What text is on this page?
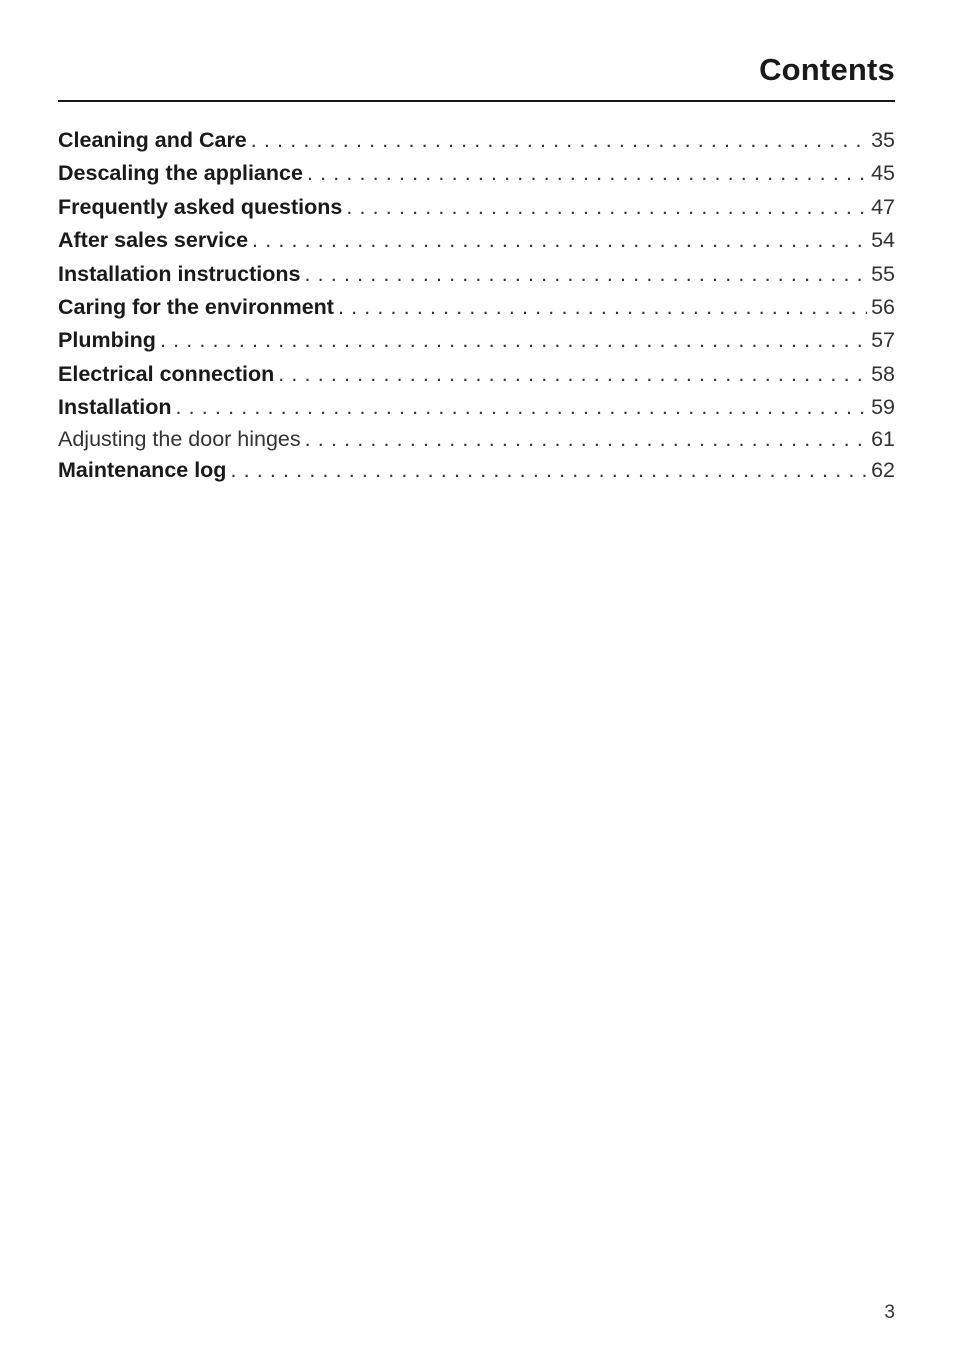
Contents
Cleaning and Care . . .	35
Descaling the appliance . . .	45
Frequently asked questions . . .	47
After sales service . . .	54
Installation instructions . . .	55
Caring for the environment . . .	56
Plumbing . . .	57
Electrical connection . . .	58
Installation . . .	59
Adjusting the door hinges . . .	61
Maintenance log . . .	62
3
